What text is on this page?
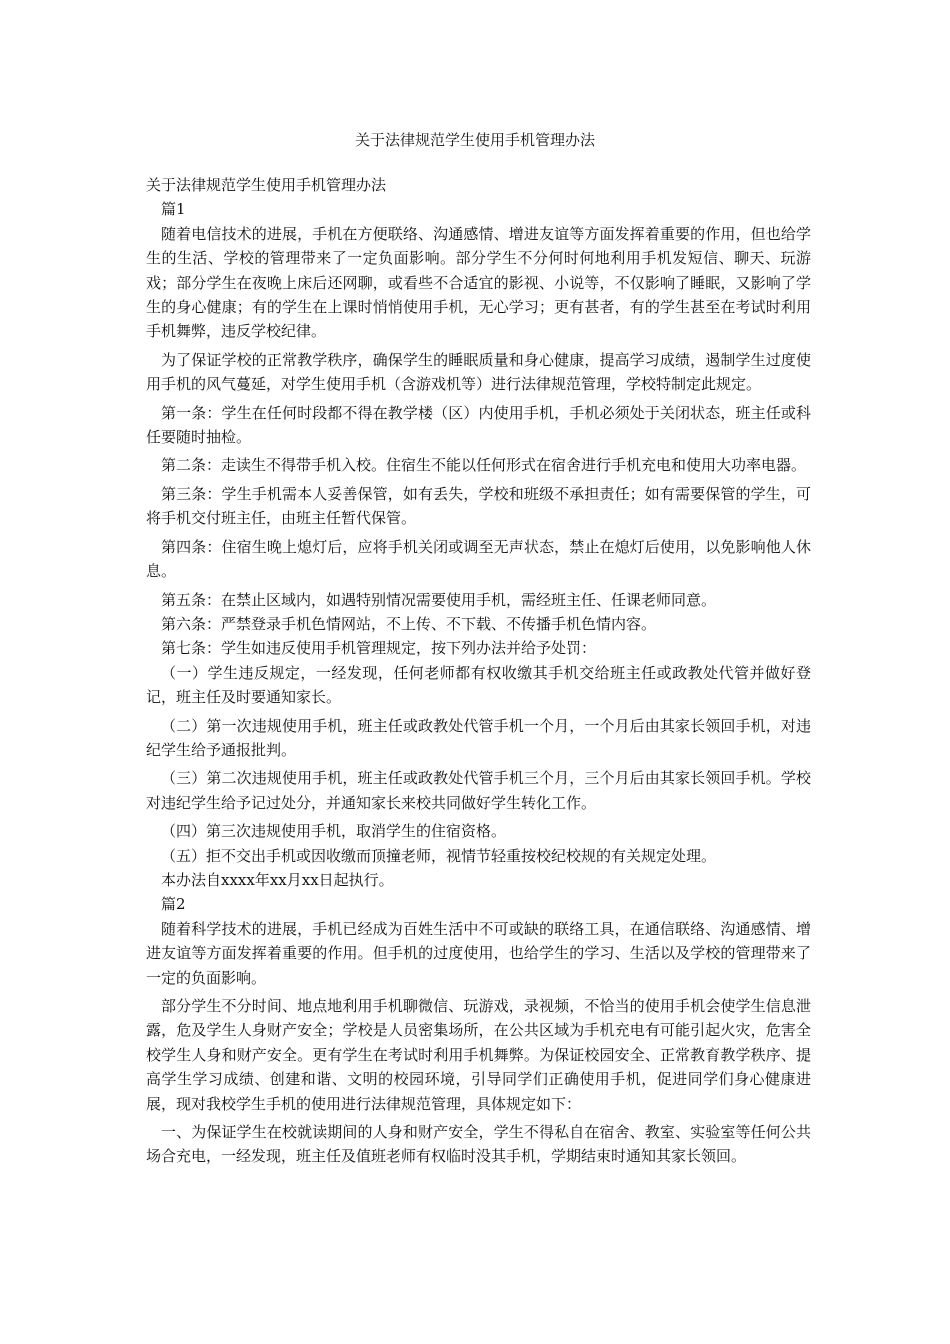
关于法律规范学生使用手机管理办法

关于法律规范学生使用手机管理办法

篇1

随着电信技术的进展，手机在方便联络、沟通感情、增进友谊等方面发挥着重要的作用，但也给学生的生活、学校的管理带来了一定负面影响。部分学生不分何时何地利用手机发短信、聊天、玩游戏；部分学生在夜晚上床后还网聊，或看些不合适宜的影视、小说等，不仅影响了睡眠，又影响了学生的身心健康；有的学生在上课时悄悄使用手机，无心学习；更有甚者，有的学生甚至在考试时利用手机舞弊，违反学校纪律。

为了保证学校的正常教学秩序，确保学生的睡眠质量和身心健康，提高学习成绩，遏制学生过度使用手机的风气蔓延，对学生使用手机（含游戏机等）进行法律规范管理，学校特制定此规定。

第一条：学生在任何时段都不得在教学楼（区）内使用手机，手机必须处于关闭状态，班主任或科任要随时抽检。

第二条：走读生不得带手机入校。住宿生不能以任何形式在宿舍进行手机充电和使用大功率电器。

第三条：学生手机需本人妥善保管，如有丢失，学校和班级不承担责任；如有需要保管的学生，可将手机交付班主任，由班主任暂代保管。

第四条：住宿生晚上熄灯后，应将手机关闭或调至无声状态，禁止在熄灯后使用，以免影响他人休息。

第五条：在禁止区域内，如遇特别情况需要使用手机，需经班主任、任课老师同意。

第六条：严禁登录手机色情网站，不上传、不下载、不传播手机色情内容。

第七条：学生如违反使用手机管理规定，按下列办法并给予处罚：

（一）学生违反规定，一经发现，任何老师都有权收缴其手机交给班主任或政教处代管并做好登记，班主任及时要通知家长。

（二）第一次违规使用手机，班主任或政教处代管手机一个月，一个月后由其家长领回手机，对违纪学生给予通报批判。

（三）第二次违规使用手机，班主任或政教处代管手机三个月，三个月后由其家长领回手机。学校对违纪学生给予记过处分，并通知家长来校共同做好学生转化工作。

（四）第三次违规使用手机，取消学生的住宿资格。

（五）拒不交出手机或因收缴而顶撞老师，视情节轻重按校纪校规的有关规定处理。

本办法自xxxx年xx月xx日起执行。

篇2

随着科学技术的进展，手机已经成为百姓生活中不可或缺的联络工具，在通信联络、沟通感情、增进友谊等方面发挥着重要的作用。但手机的过度使用，也给学生的学习、生活以及学校的管理带来了一定的负面影响。

部分学生不分时间、地点地利用手机聊微信、玩游戏，录视频，不恰当的使用手机会使学生信息泄露，危及学生人身财产安全；学校是人员密集场所，在公共区域为手机充电有可能引起火灾，危害全校学生人身和财产安全。更有学生在考试时利用手机舞弊。为保证校园安全、正常教育教学秩序、提高学生学习成绩、创建和谐、文明的校园环境，引导同学们正确使用手机，促进同学们身心健康进展，现对我校学生手机的使用进行法律规范管理，具体规定如下：

一、为保证学生在校就读期间的人身和财产安全，学生不得私自在宿舍、教室、实验室等任何公共场合充电，一经发现，班主任及值班老师有权临时没其手机，学期结束时通知其家长领回。
